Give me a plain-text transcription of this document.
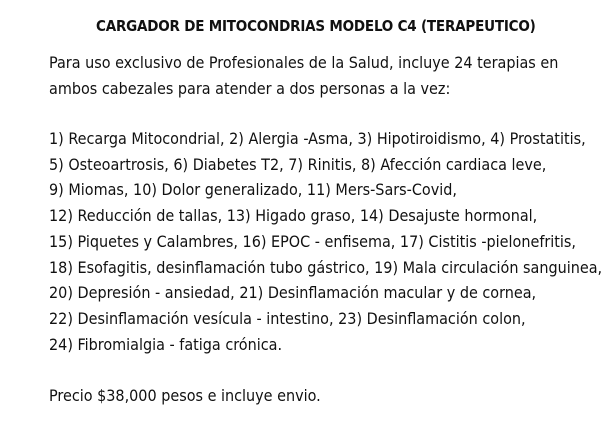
CARGADOR DE MITOCONDRIAS MODELO C4 (TERAPEUTICO)

Para uso exclusivo de Profesionales de la Salud, incluye 24 terapias en ambos cabezales para atender a dos personas a la vez:

1) Recarga Mitocondrial, 2) Alergia -Asma, 3) Hipotiroidismo, 4) Prostatitis,
5) Osteoartrosis, 6) Diabetes T2, 7) Rinitis, 8) Afección cardiaca leve,
9) Miomas, 10) Dolor generalizado, 11) Mers-Sars-Covid,
12) Reducción de tallas, 13) Higado graso, 14) Desajuste hormonal,
15) Piquetes y Calambres, 16) EPOC - enfisema, 17) Cistitis -pielonefritis,
18) Esofagitis, desinflamación tubo gástrico, 19) Mala circulación sanguinea,
20) Depresión - ansiedad, 21) Desinflamación macular y de cornea,
22) Desinflamación vesícula - intestino, 23) Desinflamación colon,
24) Fibromialgia - fatiga crónica.

Precio $38,000 pesos e incluye envio.
